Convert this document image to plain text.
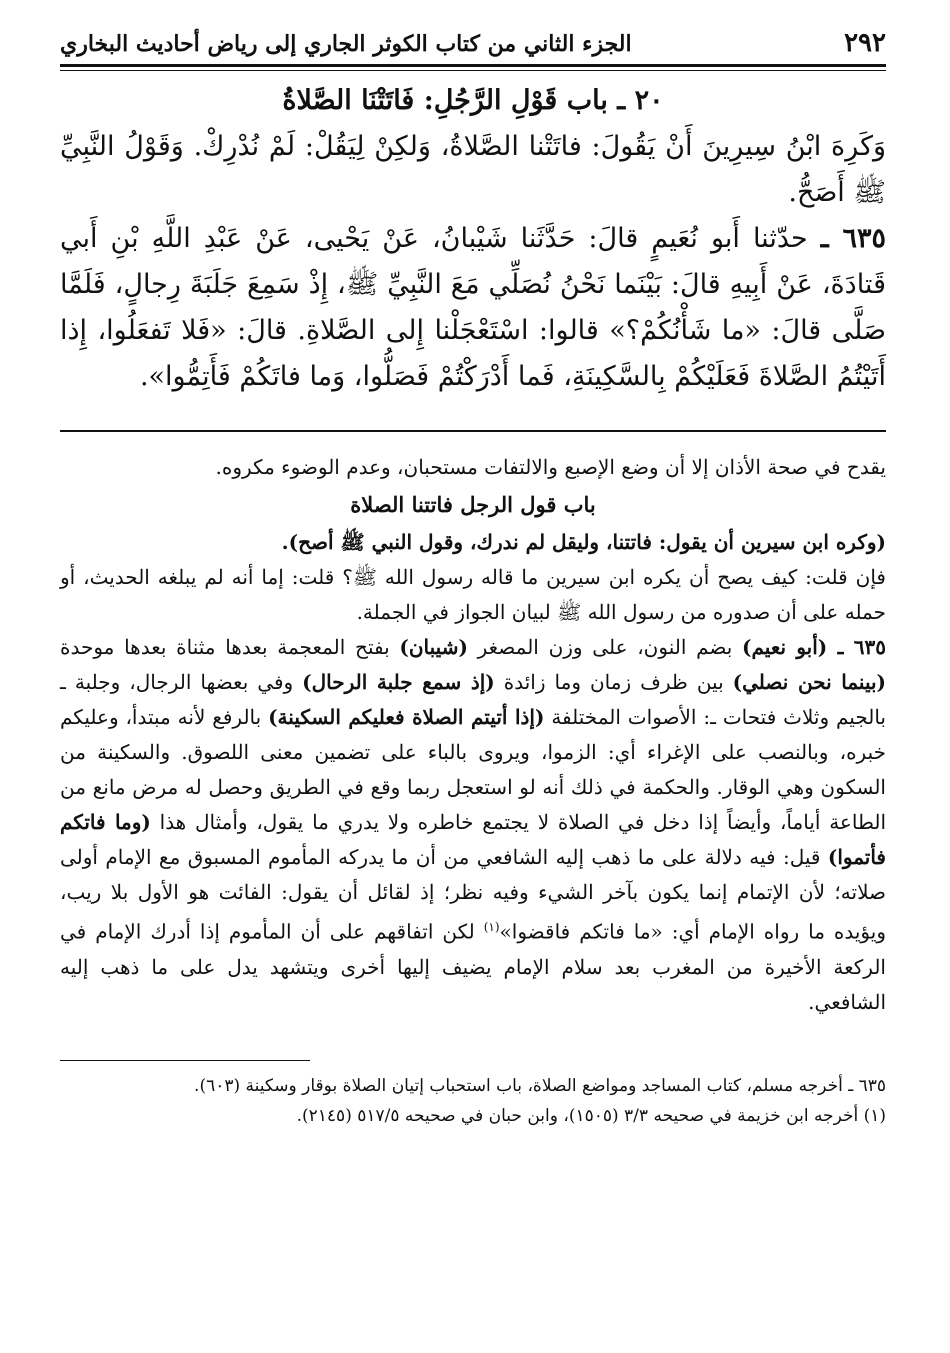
٢٩٢
الجزء الثاني من كتاب الكوثر الجاري إلى رياض أحاديث البخاري
٢٠ ـ باب قَوْلِ الرَّجُلِ: فَاتَتْنَا الصَّلاةُ

وَكَرِهَ ابْنُ سِيرِينَ أَنْ يَقُولَ: فاتَتْنا الصَّلاةُ، وَلكِنْ لِيَقُلْ: لَمْ نُدْرِكْ. وَقَوْلُ النَّبِيِّ ﷺ أَصَحُّ.

٦٣٥ ـ حدّثنا أَبو نُعَيمٍ قالَ: حَدَّثَنا شَيْبانُ، عَنْ يَحْيى، عَنْ عَبْدِ اللَّهِ بْنِ أَبي قَتادَةَ، عَنْ أَبِيهِ قالَ: بَيْنَما نَحْنُ نُصَلِّي مَعَ النَّبِيِّ ﷺ، إِذْ سَمِعَ جَلَبَةَ رِجالٍ، فَلَمَّا صَلَّى قالَ: «ما شَأْنُكُمْ؟» قالوا: اسْتَعْجَلْنا إِلى الصَّلاةِ. قالَ: «فَلا تَفعَلُوا، إِذا أَتَيْتُمُ الصَّلاةَ فَعَلَيْكُمْ بِالسَّكِينَةِ، فَما أَدْرَكْتُمْ فَصَلُّوا، وَما فاتَكُمْ فَأَتِمُّوا».

يقدح في صحة الأذان إلا أن وضع الإصبع والالتفات مستحبان، وعدم الوضوء مكروه.

باب قول الرجل فاتتنا الصلاة

(وكره ابن سيرين أن يقول: فاتتنا، وليقل لم ندرك، وقول النبي ﷺ أصح).

فإن قلت: كيف يصح أن يكره ابن سيرين ما قاله رسول الله ﷺ؟ قلت: إما أنه لم يبلغه الحديث، أو حمله على أن صدوره من رسول الله ﷺ لبيان الجواز في الجملة.

٦٣٥ ـ (أبو نعيم) بضم النون، على وزن المصغر (شيبان) بفتح المعجمة بعدها مثناة بعدها موحدة (بينما نحن نصلي) بين ظرف زمان وما زائدة (إذ سمع جلبة الرحال) وفي بعضها الرجال، وجلبة ـ بالجيم وثلاث فتحات ـ: الأصوات المختلفة (إذا أتيتم الصلاة فعليكم السكينة) بالرفع لأنه مبتدأ، وعليكم خبره، وبالنصب على الإغراء أي: الزموا، ويروى بالباء على تضمين معنى اللصوق. والسكينة من السكون وهي الوقار. والحكمة في ذلك أنه لو استعجل ربما وقع في الطريق وحصل له مرض مانع من الطاعة أياماً، وأيضاً إذا دخل في الصلاة لا يجتمع خاطره ولا يدري ما يقول، وأمثال هذا (وما فاتكم فأتموا) قيل: فيه دلالة على ما ذهب إليه الشافعي من أن ما يدركه المأموم المسبوق مع الإمام أولى صلاته؛ لأن الإتمام إنما يكون بآخر الشيء وفيه نظر؛ إذ لقائل أن يقول: الفائت هو الأول بلا ريب، ويؤيده ما رواه الإمام أي: «ما فاتكم فاقضوا»$^{(١)}$ لكن اتفاقهم على أن المأموم إذا أدرك الإمام في الركعة الأخيرة من المغرب بعد سلام الإمام يضيف إليها أخرى ويتشهد يدل على ما ذهب إليه الشافعي.

٦٣٥ ـ أخرجه مسلم، كتاب المساجد ومواضع الصلاة، باب استحباب إتيان الصلاة بوقار وسكينة (٦٠٣).

(١) أخرجه ابن خزيمة في صحيحه ٣/٣ (١٥٠٥)، وابن حبان في صحيحه ٥١٧/٥ (٢١٤٥).
